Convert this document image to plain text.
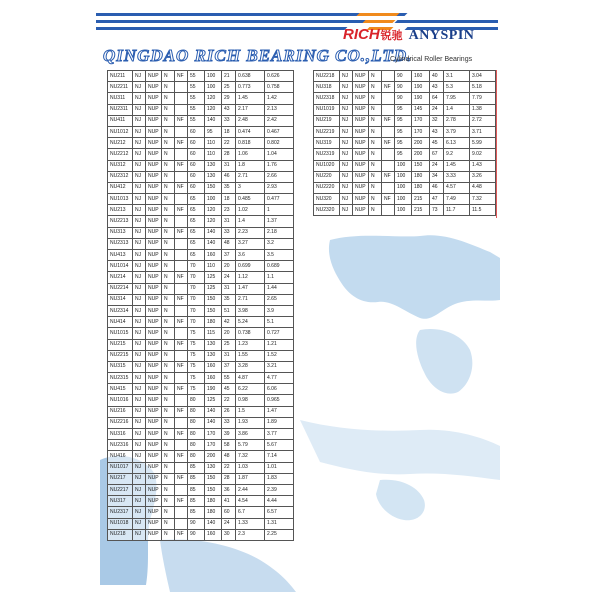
RICH锐驰 ANYSPIN
QINGDAO RICH BEARING CO.,LTD.
Cylindrical Roller Bearings
NU211	NJ	NUP	N	NF	55	100	21	0.638	0.626
NU2211	NJ	NUP	N		55	100	25	0.773	0.758
NU311	NJ	NUP	N		55	120	29	1.45	1.42
NU2311	NJ	NUP	N		55	120	43	2.17	2.13
NU411	NJ	NUP	N	NF	55	140	33	2.48	2.42
NU1012	NJ	NUP	N		60	95	18	0.474	0.467
NU212	NJ	NUP	N	NF	60	110	22	0.818	0.802
NU2212	NJ	NUP	N		60	110	28	1.06	1.04
NU312	NJ	NUP	N	NF	60	130	31	1.8	1.76
NU2312	NJ	NUP	N		60	130	46	2.71	2.66
NU412	NJ	NUP	N	NF	60	150	35	3	2.93
NU1013	NJ	NUP	N		65	100	18	0.485	0.477
NU213	NJ	NUP	N	NF	65	120	23	1.02	1
NU2213	NJ	NUP	N		65	120	31	1.4	1.37
NU313	NJ	NUP	N	NF	65	140	33	2.23	2.18
NU2313	NJ	NUP	N		65	140	48	3.27	3.2
NU413	NJ	NUP	N		65	160	37	3.6	3.5
NU1014	NJ	NUP	N		70	110	20	0.699	0.689
NU214	NJ	NUP	N	NF	70	125	24	1.12	1.1
NU2214	NJ	NUP	N		70	125	31	1.47	1.44
NU314	NJ	NUP	N	NF	70	150	35	2.71	2.65
NU2314	NJ	NUP	N		70	150	51	3.98	3.9
NU414	NJ	NUP	N	NF	70	180	42	5.24	5.1
NU1015	NJ	NUP	N		75	115	20	0.738	0.727
NU215	NJ	NUP	N	NF	75	130	25	1.23	1.21
NU2215	NJ	NUP	N		75	130	31	1.55	1.52
NU315	NJ	NUP	N	NF	75	160	37	3.28	3.21
NU2315	NJ	NUP	N		75	160	55	4.87	4.77
NU415	NJ	NUP	N	NF	75	190	45	6.22	6.06
NU1016	NJ	NUP	N		80	125	22	0.98	0.965
NU216	NJ	NUP	N	NF	80	140	26	1.5	1.47
NU2216	NJ	NUP	N		80	140	33	1.93	1.89
NU316	NJ	NUP	N	NF	80	170	39	3.86	3.77
NU2316	NJ	NUP	N		80	170	58	5.79	5.67
NU416	NJ	NUP	N	NF	80	200	48	7.32	7.14
NU1017	NJ	NUP	N		85	130	22	1.03	1.01
NU217	NJ	NUP	N	NF	85	150	28	1.87	1.83
NU2217	NJ	NUP	N		85	150	36	2.44	2.39
NU317	NJ	NUP	N	NF	85	180	41	4.54	4.44
NU2317	NJ	NUP	N		85	180	60	6.7	6.57
NU1018	NJ	NUP	N		90	140	24	1.33	1.31
NU218	NJ	NUP	N	NF	90	160	30	2.3	2.25
NU2218	NJ	NUP	N		90	160	40	3.1	3.04
NU318	NJ	NUP	N	NF	90	190	43	5.3	5.18
NU2318	NJ	NUP	N		90	190	64	7.95	7.79
NU1019	NJ	NUP	N		95	145	24	1.4	1.38
NU219	NJ	NUP	N	NF	95	170	32	2.78	2.72
NU2219	NJ	NUP	N		95	170	43	3.79	3.71
NU319	NJ	NUP	N	NF	95	200	45	6.13	5.99
NU2319	NJ	NUP	N		95	200	67	9.2	9.02
NU1020	NJ	NUP	N		100	150	24	1.45	1.43
NU220	NJ	NUP	N	NF	100	180	34	3.33	3.26
NU2220	NJ	NUP	N		100	180	46	4.57	4.48
NU320	NJ	NUP	N	NF	100	215	47	7.49	7.32
NU2320	NJ	NUP	N		100	215	73	11.7	11.5
